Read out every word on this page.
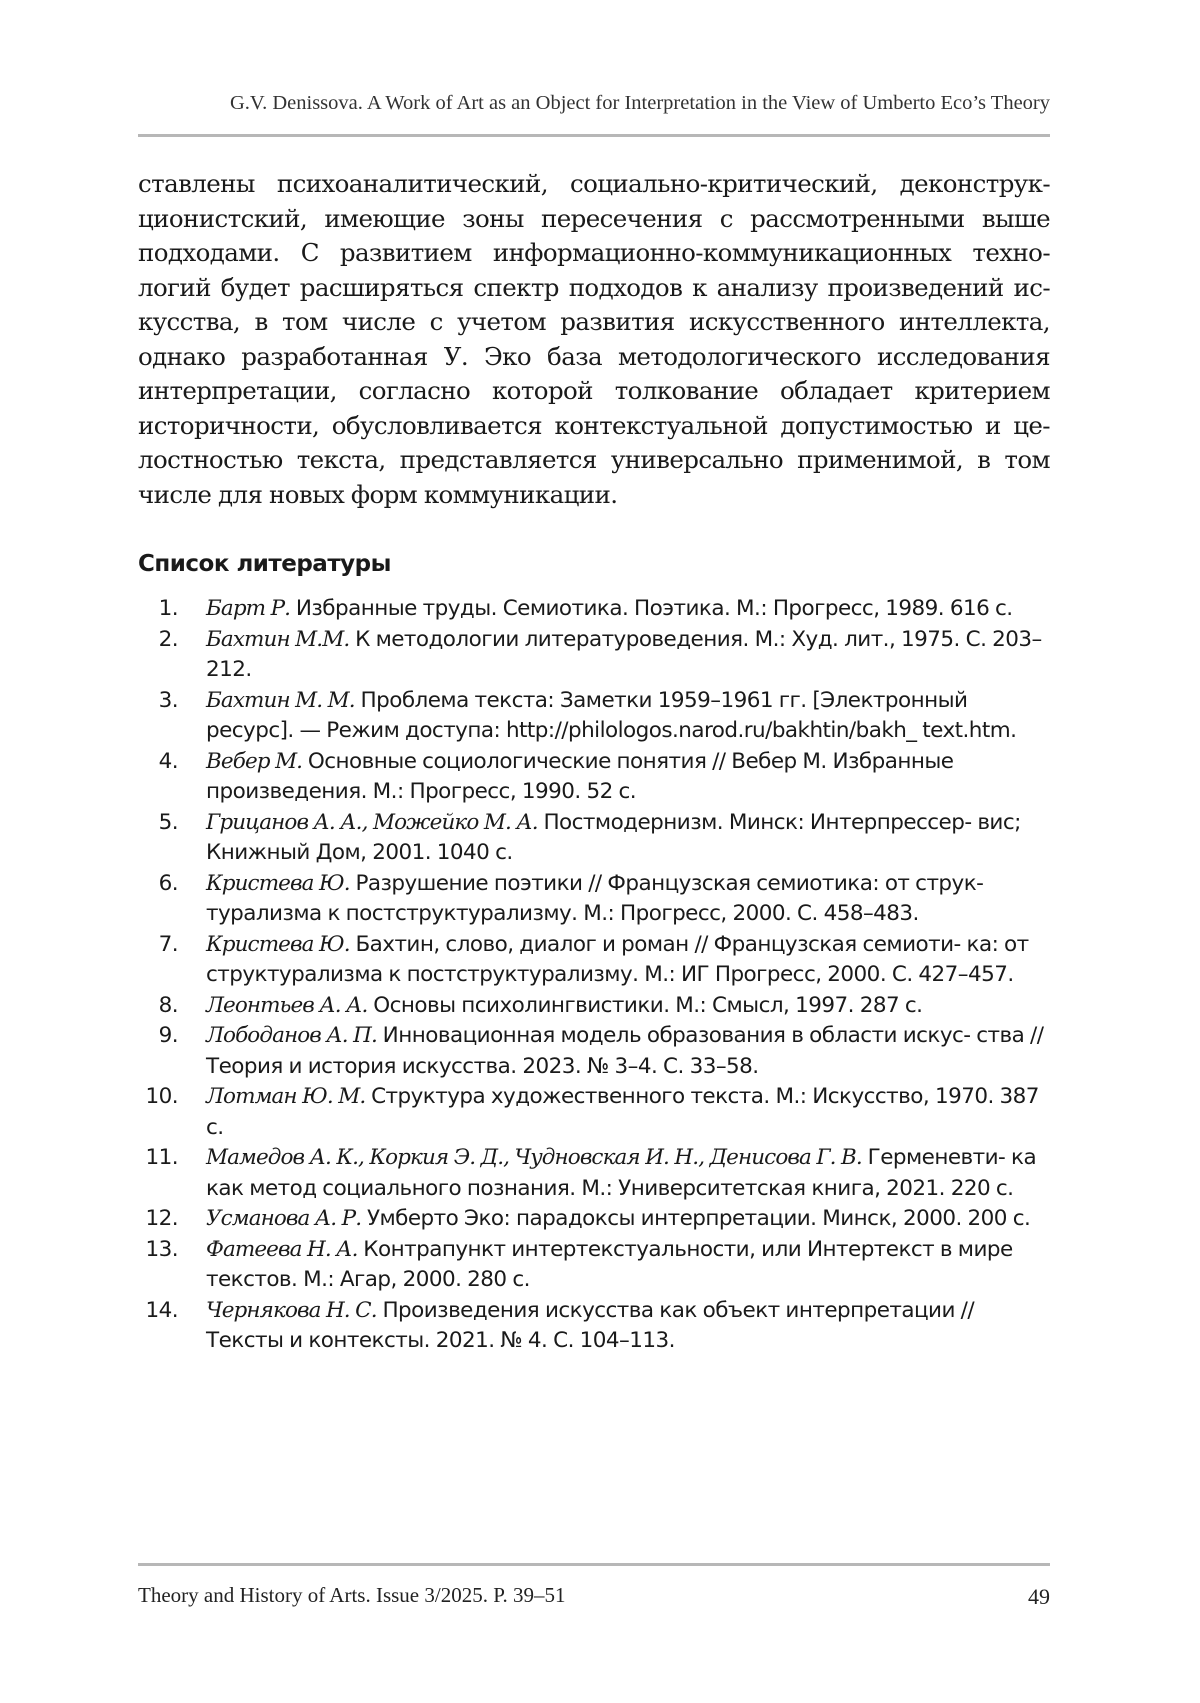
G.V. Denissova. A Work of Art as an Object for Interpretation in the View of Umberto Eco’s Theory
ставлены психоаналитический, социально-критический, деконструк-
ционистский, имеющие зоны пересечения с рассмотренными выше
подходами. С развитием информационно-коммуникационных техно-
логий будет расширяться спектр подходов к анализу произведений ис-
кусства, в том числе с учетом развития искусственного интеллекта,
однако разработанная У. Эко база методологического исследования
интерпретации, согласно которой толкование обладает критерием
историчности, обусловливается контекстуальной допустимостью и це-
лостностью текста, представляется универсально применимой, в том
числе для новых форм коммуникации.
Список литературы
1. Барт Р. Избранные труды. Семиотика. Поэтика. М.: Прогресс, 1989. 616 с.
2. Бахтин М.М. К методологии литературоведения. М.: Худ. лит., 1975. С. 203–212.
3. Бахтин М. М. Проблема текста: Заметки 1959–1961 гг. [Электронный ресурс]. — Режим доступа: http://philologos.narod.ru/bakhtin/bakh_ text.htm.
4. Вебер М. Основные социологические понятия // Вебер М. Избранные произведения. М.: Прогресс, 1990. 52 с.
5. Грицанов А. А., Можейко М. А. Постмодернизм. Минск: Интерпрессер- вис; Книжный Дом, 2001. 1040 с.
6. Кристева Ю. Разрушение поэтики // Французская семиотика: от струк- турализма к постструктурализму. М.: Прогресс, 2000. С. 458–483.
7. Кристева Ю. Бахтин, слово, диалог и роман // Французская семиоти- ка: от структурализма к постструктурализму. М.: ИГ Прогресс, 2000. С. 427–457.
8. Леонтьев А. А. Основы психолингвистики. М.: Смысл, 1997. 287 с.
9. Лободанов А. П. Инновационная модель образования в области искус- ства // Теория и история искусства. 2023. № 3–4. С. 33–58.
10. Лотман Ю. М. Структура художественного текста. М.: Искусство, 1970. 387 с.
11. Мамедов А. К., Коркия Э. Д., Чудновская И. Н., Денисова Г. В. Герменевти- ка как метод социального познания. М.: Университетская книга, 2021. 220 с.
12. Усманова А. Р. Умберто Эко: парадоксы интерпретации. Минск, 2000. 200 с.
13. Фатеева Н. А. Контрапункт интертекстуальности, или Интертекст в мире текстов. М.: Агар, 2000. 280 с.
14. Чернякова Н. С. Произведения искусства как объект интерпретации // Тексты и контексты. 2021. № 4. С. 104–113.
Theory and History of Arts. Issue 3/2025. P. 39–51	49
